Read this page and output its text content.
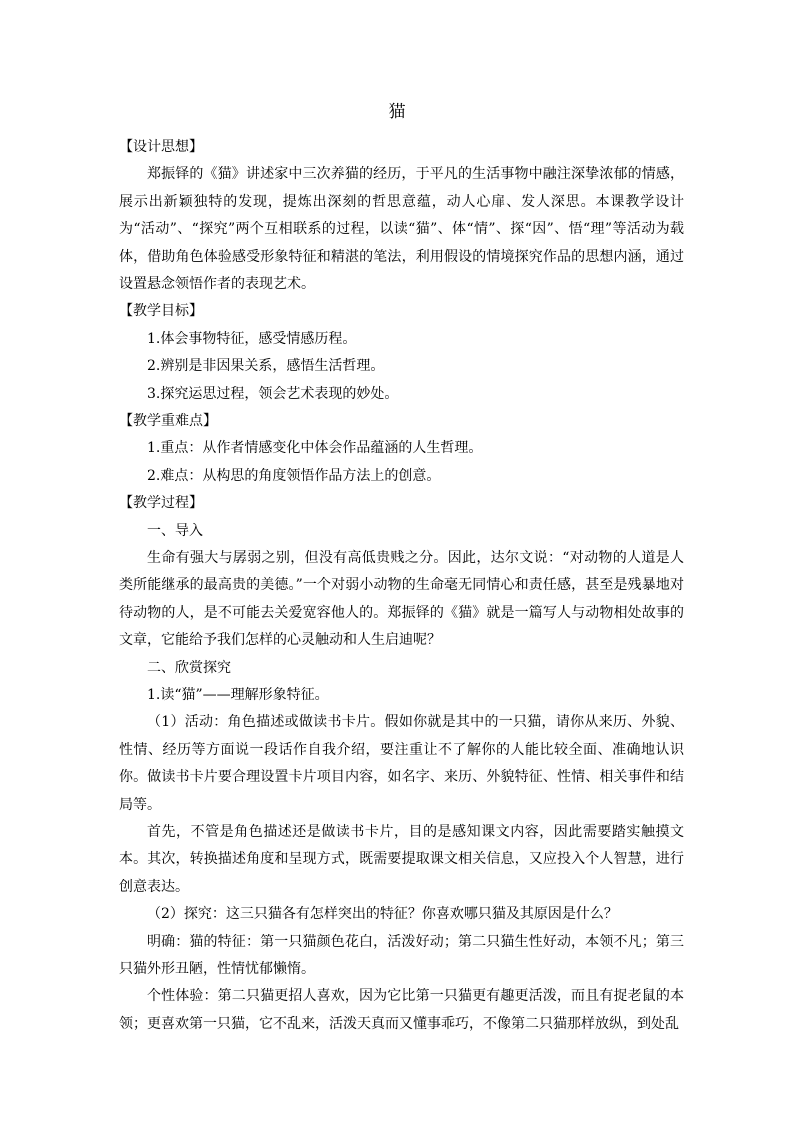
猫
【设计思想】
郑振铎的《猫》讲述家中三次养猫的经历，于平凡的生活事物中融注深挚浓郁的情感，展示出新颖独特的发现，提炼出深刻的哲思意蕴，动人心扉、发人深思。本课教学设计为“活动”、“探究”两个互相联系的过程，以读“猫”、体“情”、探“因”、悟“理”等活动为载体，借助角色体验感受形象特征和精湛的笔法，利用假设的情境探究作品的思想内涵，通过设置悬念领悟作者的表现艺术。
【教学目标】
1.体会事物特征，感受情感历程。
2.辨别是非因果关系，感悟生活哲理。
3.探究运思过程，领会艺术表现的妙处。
【教学重难点】
1.重点：从作者情感变化中体会作品蕴涵的人生哲理。
2.难点：从构思的角度领悟作品方法上的创意。
【教学过程】
一、导入
生命有强大与孱弱之别，但没有高低贵贱之分。因此，达尔文说：“对动物的人道是人类所能继承的最高贵的美德。”一个对弱小动物的生命毫无同情心和责任感，甚至是残暴地对待动物的人，是不可能去关爱宽容他人的。郑振铎的《猫》就是一篇写人与动物相处故事的文章，它能给予我们怎样的心灵触动和人生启迪呢？
二、欣赏探究
1.读“猫”——理解形象特征。
（1）活动：角色描述或做读书卡片。假如你就是其中的一只猫，请你从来历、外貌、性情、经历等方面说一段话作自我介绍，要注重让不了解你的人能比较全面、准确地认识你。做读书卡片要合理设置卡片项目内容，如名字、来历、外貌特征、性情、相关事件和结局等。
首先，不管是角色描述还是做读书卡片，目的是感知课文内容，因此需要踏实触摸文本。其次，转换描述角度和呈现方式，既需要提取课文相关信息，又应投入个人智慧，进行创意表达。
（2）探究：这三只猫各有怎样突出的特征？你喜欢哪只猫及其原因是什么？
明确：猫的特征：第一只猫颜色花白，活泼好动；第二只猫生性好动，本领不凡；第三只猫外形丑陋，性情忧郁懒惰。
个性体验：第二只猫更招人喜欢，因为它比第一只猫更有趣更活泼，而且有捉老鼠的本领；更喜欢第一只猫，它不乱来，活泼天真而又懂事乖巧，不像第二只猫那样放纵，到处乱
